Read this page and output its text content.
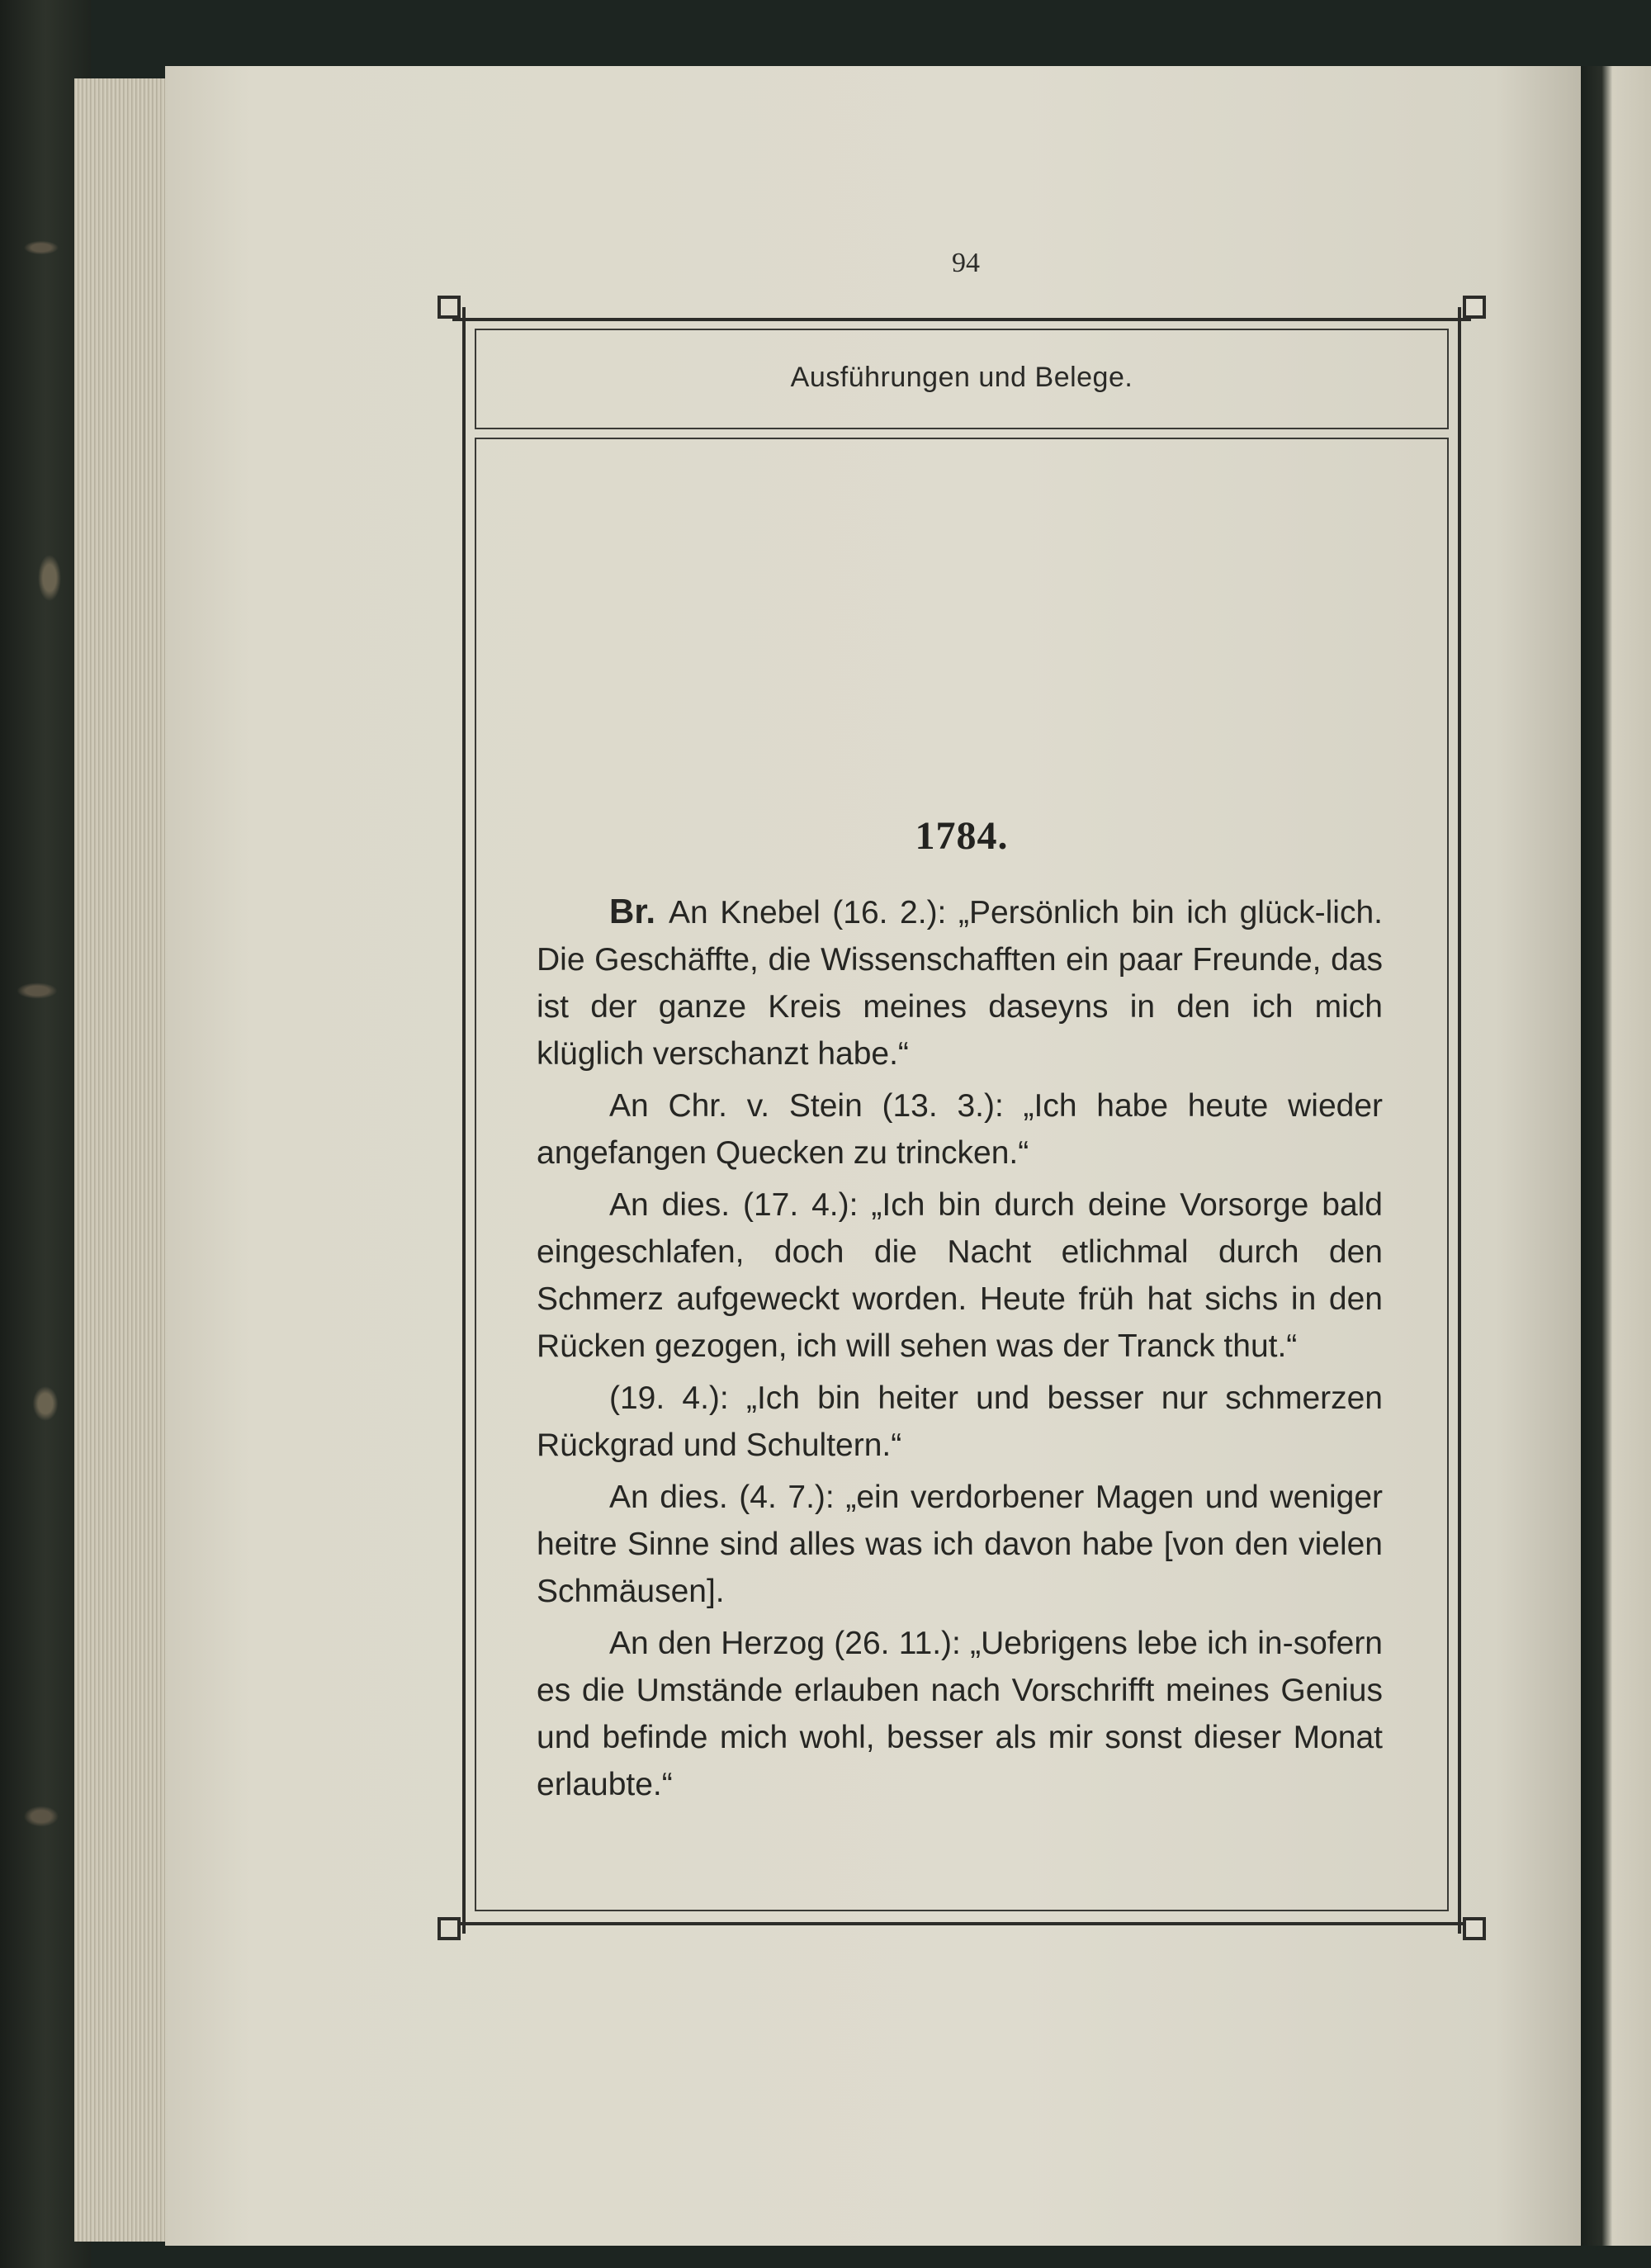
94
Ausführungen und Belege.
1784.

Br. An Knebel (16. 2.): „Persönlich bin ich glück-lich. Die Geschäffte, die Wissenschafften ein paar Freunde, das ist der ganze Kreis meines daseyns in den ich mich klüglich verschanzt habe.“

An Chr. v. Stein (13. 3.): „Ich habe heute wieder angefangen Quecken zu trincken.“

An dies. (17. 4.): „Ich bin durch deine Vorsorge bald eingeschlafen, doch die Nacht etlichmal durch den Schmerz aufgeweckt worden. Heute früh hat sichs in den Rücken gezogen, ich will sehen was der Tranck thut.“

(19. 4.): „Ich bin heiter und besser nur schmerzen Rückgrad und Schultern.“

An dies. (4. 7.): „ein verdorbener Magen und weniger heitre Sinne sind alles was ich davon habe [von den vielen Schmäusen].

An den Herzog (26. 11.): „Uebrigens lebe ich in-sofern es die Umstände erlauben nach Vorschrifft meines Genius und befinde mich wohl, besser als mir sonst dieser Monat erlaubte.“
